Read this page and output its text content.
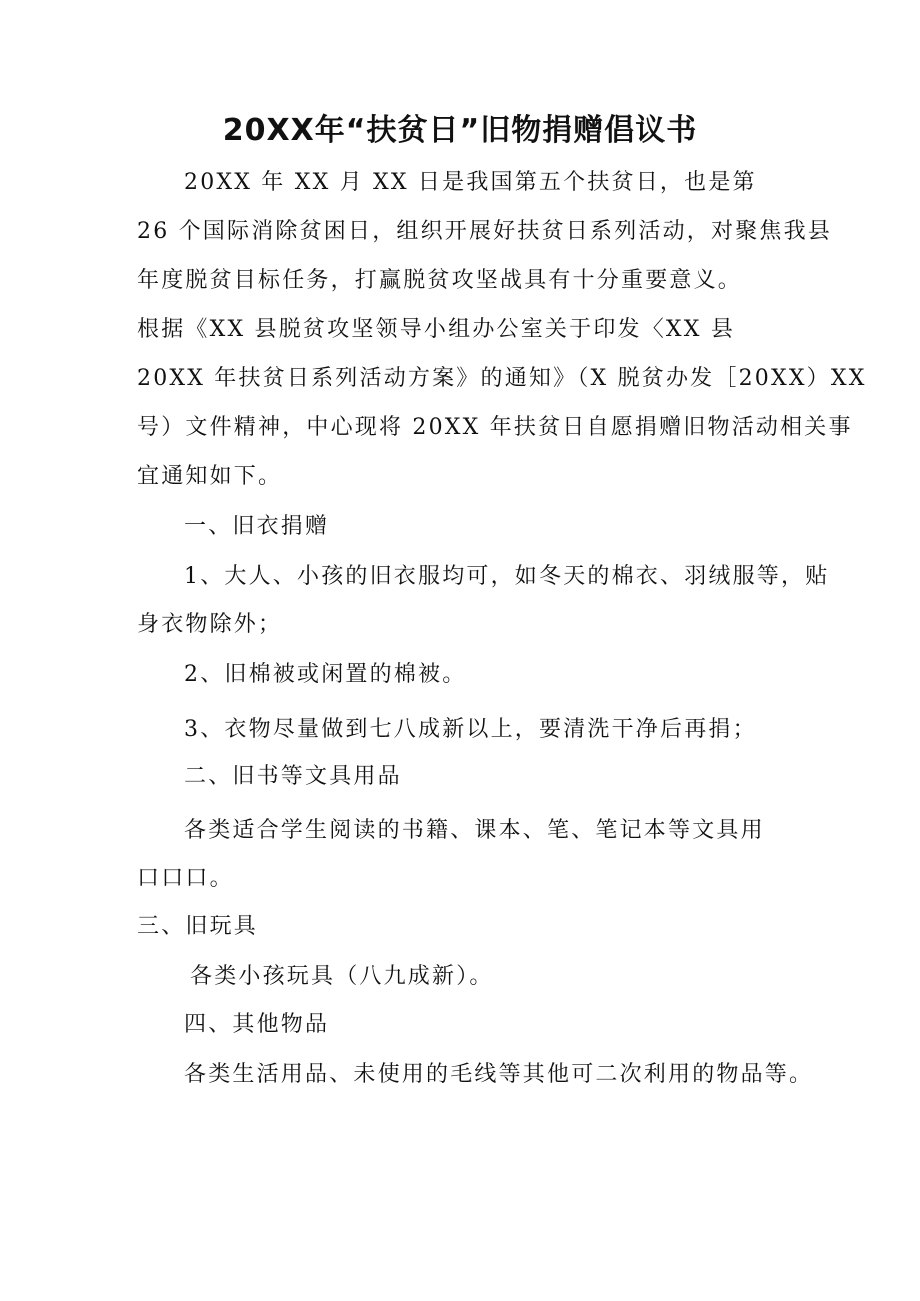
20XX年“扶贫日”旧物捐赠倡议书
20XX 年 XX 月 XX 日是我国第五个扶贫日，也是第
26 个国际消除贫困日，组织开展好扶贫日系列活动，对聚焦我县
年度脱贫目标任务，打赢脱贫攻坚战具有十分重要意义。
根据《XX 县脱贫攻坚领导小组办公室关于印发〈XX 县
20XX 年扶贫日系列活动方案》的通知》（X 脱贫办发［20XX）XX
号）文件精神，中心现将 20XX 年扶贫日自愿捐赠旧物活动相关事
宜通知如下。
一、旧衣捐赠
1、大人、小孩的旧衣服均可，如冬天的棉衣、羽绒服等，贴
身衣物除外；
2、旧棉被或闲置的棉被。
3、衣物尽量做到七八成新以上，要清洗干净后再捐；
二、旧书等文具用品
各类适合学生阅读的书籍、课本、笔、笔记本等文具用
口口口。
三、旧玩具
各类小孩玩具（八九成新）。
四、其他物品
各类生活用品、未使用的毛线等其他可二次利用的物品等。
